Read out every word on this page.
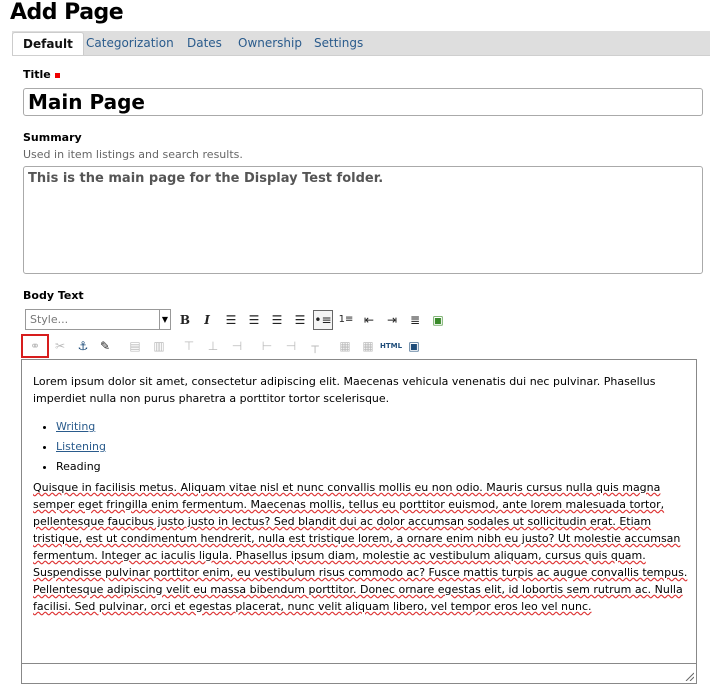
Add Page
Default	Categorization Dates Ownership Settings
Title
Main Page
Summary
Used in item listings and search results.
This is the main page for the Display Test folder.
Body Text
Style...	▼ B	I	☰	☰	☰	☰ •≡ 1≡ ⇤	⇥	≣	▣
⚭	✂	⚓ ✎	▤ ▥	⊤	⊥	⊣	⊢	⊣	┬	▦ ▦ HTML ▣

Lorem ipsum dolor sit amet, consectetur adipiscing elit. Maecenas vehicula venenatis dui nec pulvinar. Phasellus imperdiet nulla non purus pharetra a porttitor tortor scelerisque.

• Writing
• Listening
• Reading

Quisque in facilisis metus. Aliquam vitae nisl et nunc convallis mollis eu non odio. Mauris cursus nulla quis magna semper eget fringilla enim fermentum. Maecenas mollis, tellus eu porttitor euismod, ante lorem malesuada tortor, pellentesque faucibus justo justo in lectus? Sed blandit dui ac dolor accumsan sodales ut sollicitudin erat. Etiam tristique, est ut condimentum hendrerit, nulla est tristique lorem, a ornare enim nibh eu justo? Ut molestie accumsan fermentum. Integer ac iaculis ligula. Phasellus ipsum diam, molestie ac vestibulum aliquam, cursus quis quam. Suspendisse pulvinar porttitor enim, eu vestibulum risus commodo ac? Fusce mattis turpis ac augue convallis tempus. Pellentesque adipiscing velit eu massa bibendum porttitor. Donec ornare egestas elit, id lobortis sem rutrum ac. Nulla facilisi. Sed pulvinar, orci et egestas placerat, nunc velit aliquam libero, vel tempor eros leo vel nunc.
